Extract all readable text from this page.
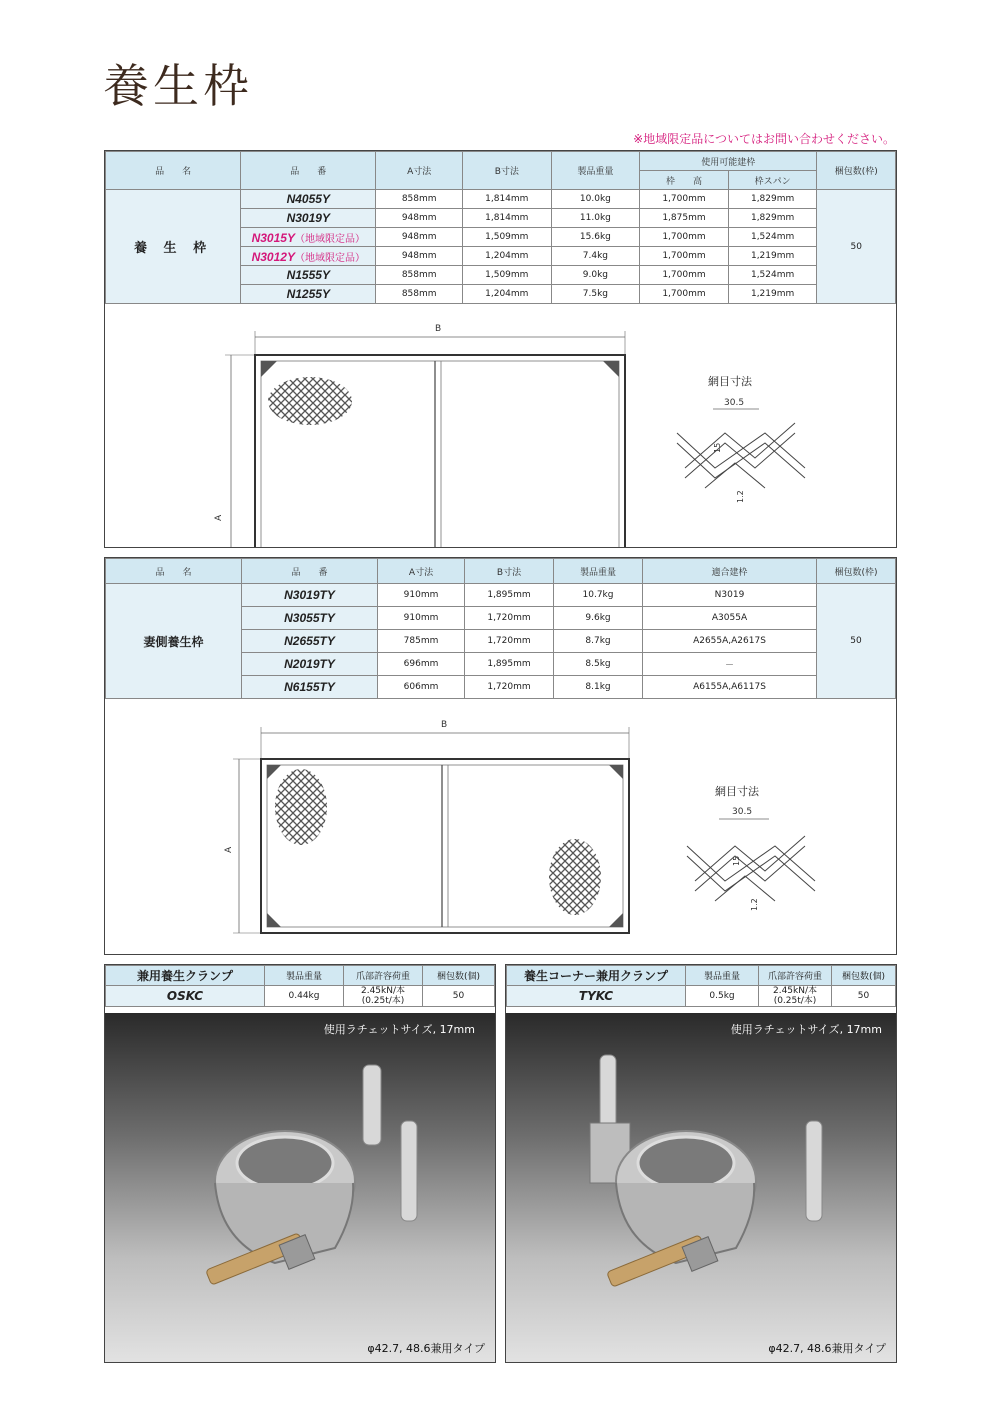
養生枠
※地域限定品についてはお問い合わせください。
品　　名	品　　番	A寸法	B寸法	製品重量	使用可能建枠		梱包数(枠)
					枠　　高	枠スパン	
養 生 枠	N4055Y	858mm	1,814mm	10.0kg	1,700mm	1,829mm	50
	N3019Y	948mm	1,814mm	11.0kg	1,875mm	1,829mm	
	N3015Y（地域限定品）	948mm	1,509mm	15.6kg	1,700mm	1,524mm	
	N3012Y（地域限定品）	948mm	1,204mm	7.4kg	1,700mm	1,219mm	
	N1555Y	858mm	1,509mm	9.0kg	1,700mm	1,524mm	
	N1255Y	858mm	1,204mm	7.5kg	1,700mm	1,219mm	
B
A
網目寸法
30.5
15
1.2
品　　名	品　　番	A寸法	B寸法	製品重量	適合建枠	梱包数(枠)
妻側養生枠	N3019TY	910mm	1,895mm	10.7kg	N3019	50
	N3055TY	910mm	1,720mm	9.6kg	A3055A	
	N2655TY	785mm	1,720mm	8.7kg	A2655A,A2617S	
	N2019TY	696mm	1,895mm	8.5kg	－	
	N6155TY	606mm	1,720mm	8.1kg	A6155A,A6117S	
B
A
網目寸法
30.5
15
1.2
兼用養生クランプ	製品重量	爪部許容荷重	梱包数(個)
OSKC	0.44kg	2.45kN/本
(0.25t/本)	50
使用ラチェットサイズ, 17mm
φ42.7, 48.6兼用タイプ
養生コーナー兼用クランプ	製品重量	爪部許容荷重	梱包数(個)
TYKC	0.5kg	2.45kN/本
(0.25t/本)	50
使用ラチェットサイズ, 17mm
φ42.7, 48.6兼用タイプ
